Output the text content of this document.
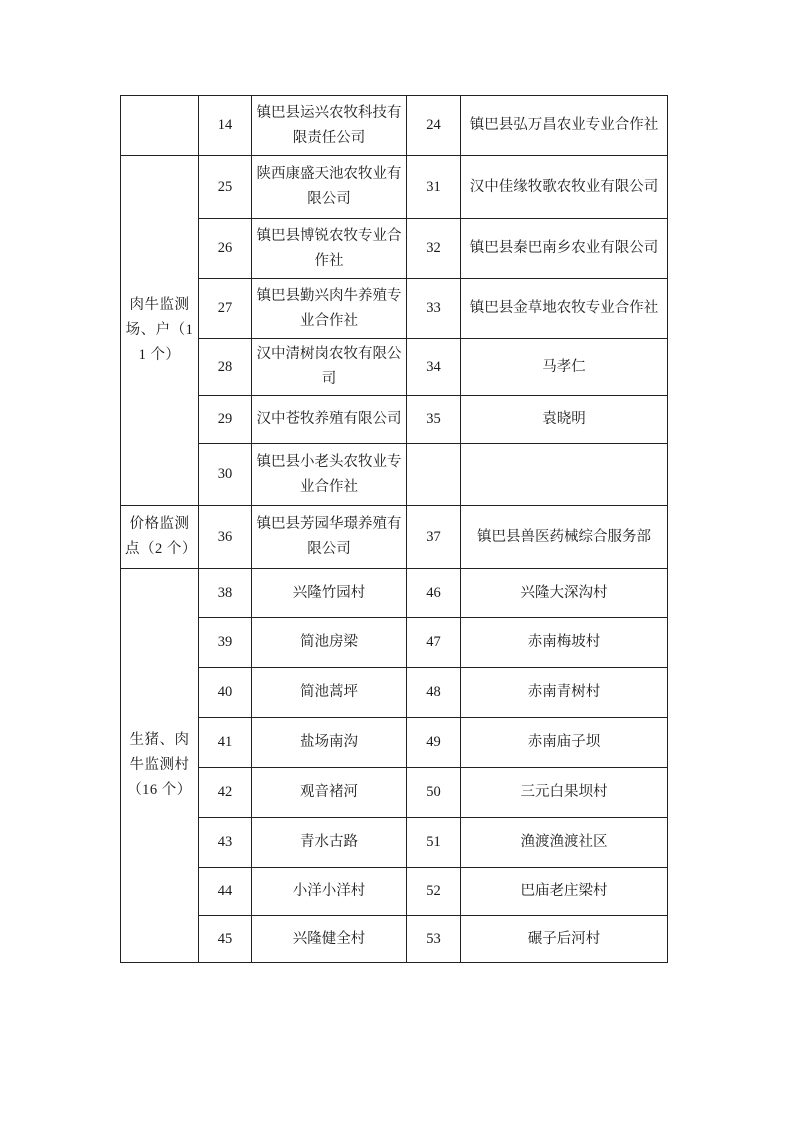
	14	镇巴县运兴农牧科技有限责任公司	24	镇巴县弘万昌农业专业合作社
肉牛监测场、户（11 个）	25	陕西康盛天池农牧业有限公司	31	汉中佳缘牧歌农牧业有限公司
	26	镇巴县博锐农牧专业合作社	32	镇巴县秦巴南乡农业有限公司
	27	镇巴县勤兴肉牛养殖专业合作社	33	镇巴县金草地农牧专业合作社
	28	汉中清树岗农牧有限公司	34	马孝仁
	29	汉中苍牧养殖有限公司	35	袁晓明
	30	镇巴县小老头农牧业专业合作社		
价格监测点（2 个）	36	镇巴县芳园华璟养殖有限公司	37	镇巴县兽医药械综合服务部
生猪、肉牛监测村（16 个）	38	兴隆竹园村	46	兴隆大深沟村
	39	简池房梁	47	赤南梅坡村
	40	简池蒿坪	48	赤南青树村
	41	盐场南沟	49	赤南庙子坝
	42	观音褚河	50	三元白果坝村
	43	青水古路	51	渔渡渔渡社区
	44	小洋小洋村	52	巴庙老庄梁村
	45	兴隆健全村	53	碾子后河村
